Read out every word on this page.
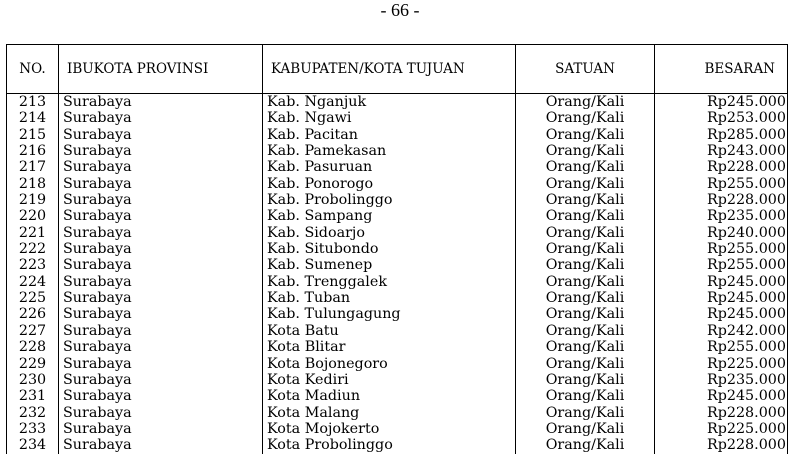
- 66 -
NO.	IBUKOTA PROVINSI	KABUPATEN/KOTA TUJUAN	SATUAN	BESARAN
213	Surabaya	Kab. Nganjuk	Orang/Kali	Rp245.000
214	Surabaya	Kab. Ngawi	Orang/Kali	Rp253.000
215	Surabaya	Kab. Pacitan	Orang/Kali	Rp285.000
216	Surabaya	Kab. Pamekasan	Orang/Kali	Rp243.000
217	Surabaya	Kab. Pasuruan	Orang/Kali	Rp228.000
218	Surabaya	Kab. Ponorogo	Orang/Kali	Rp255.000
219	Surabaya	Kab. Probolinggo	Orang/Kali	Rp228.000
220	Surabaya	Kab. Sampang	Orang/Kali	Rp235.000
221	Surabaya	Kab. Sidoarjo	Orang/Kali	Rp240.000
222	Surabaya	Kab. Situbondo	Orang/Kali	Rp255.000
223	Surabaya	Kab. Sumenep	Orang/Kali	Rp255.000
224	Surabaya	Kab. Trenggalek	Orang/Kali	Rp245.000
225	Surabaya	Kab. Tuban	Orang/Kali	Rp245.000
226	Surabaya	Kab. Tulungagung	Orang/Kali	Rp245.000
227	Surabaya	Kota Batu	Orang/Kali	Rp242.000
228	Surabaya	Kota Blitar	Orang/Kali	Rp255.000
229	Surabaya	Kota Bojonegoro	Orang/Kali	Rp225.000
230	Surabaya	Kota Kediri	Orang/Kali	Rp235.000
231	Surabaya	Kota Madiun	Orang/Kali	Rp245.000
232	Surabaya	Kota Malang	Orang/Kali	Rp228.000
233	Surabaya	Kota Mojokerto	Orang/Kali	Rp225.000
234	Surabaya	Kota Probolinggo	Orang/Kali	Rp228.000
